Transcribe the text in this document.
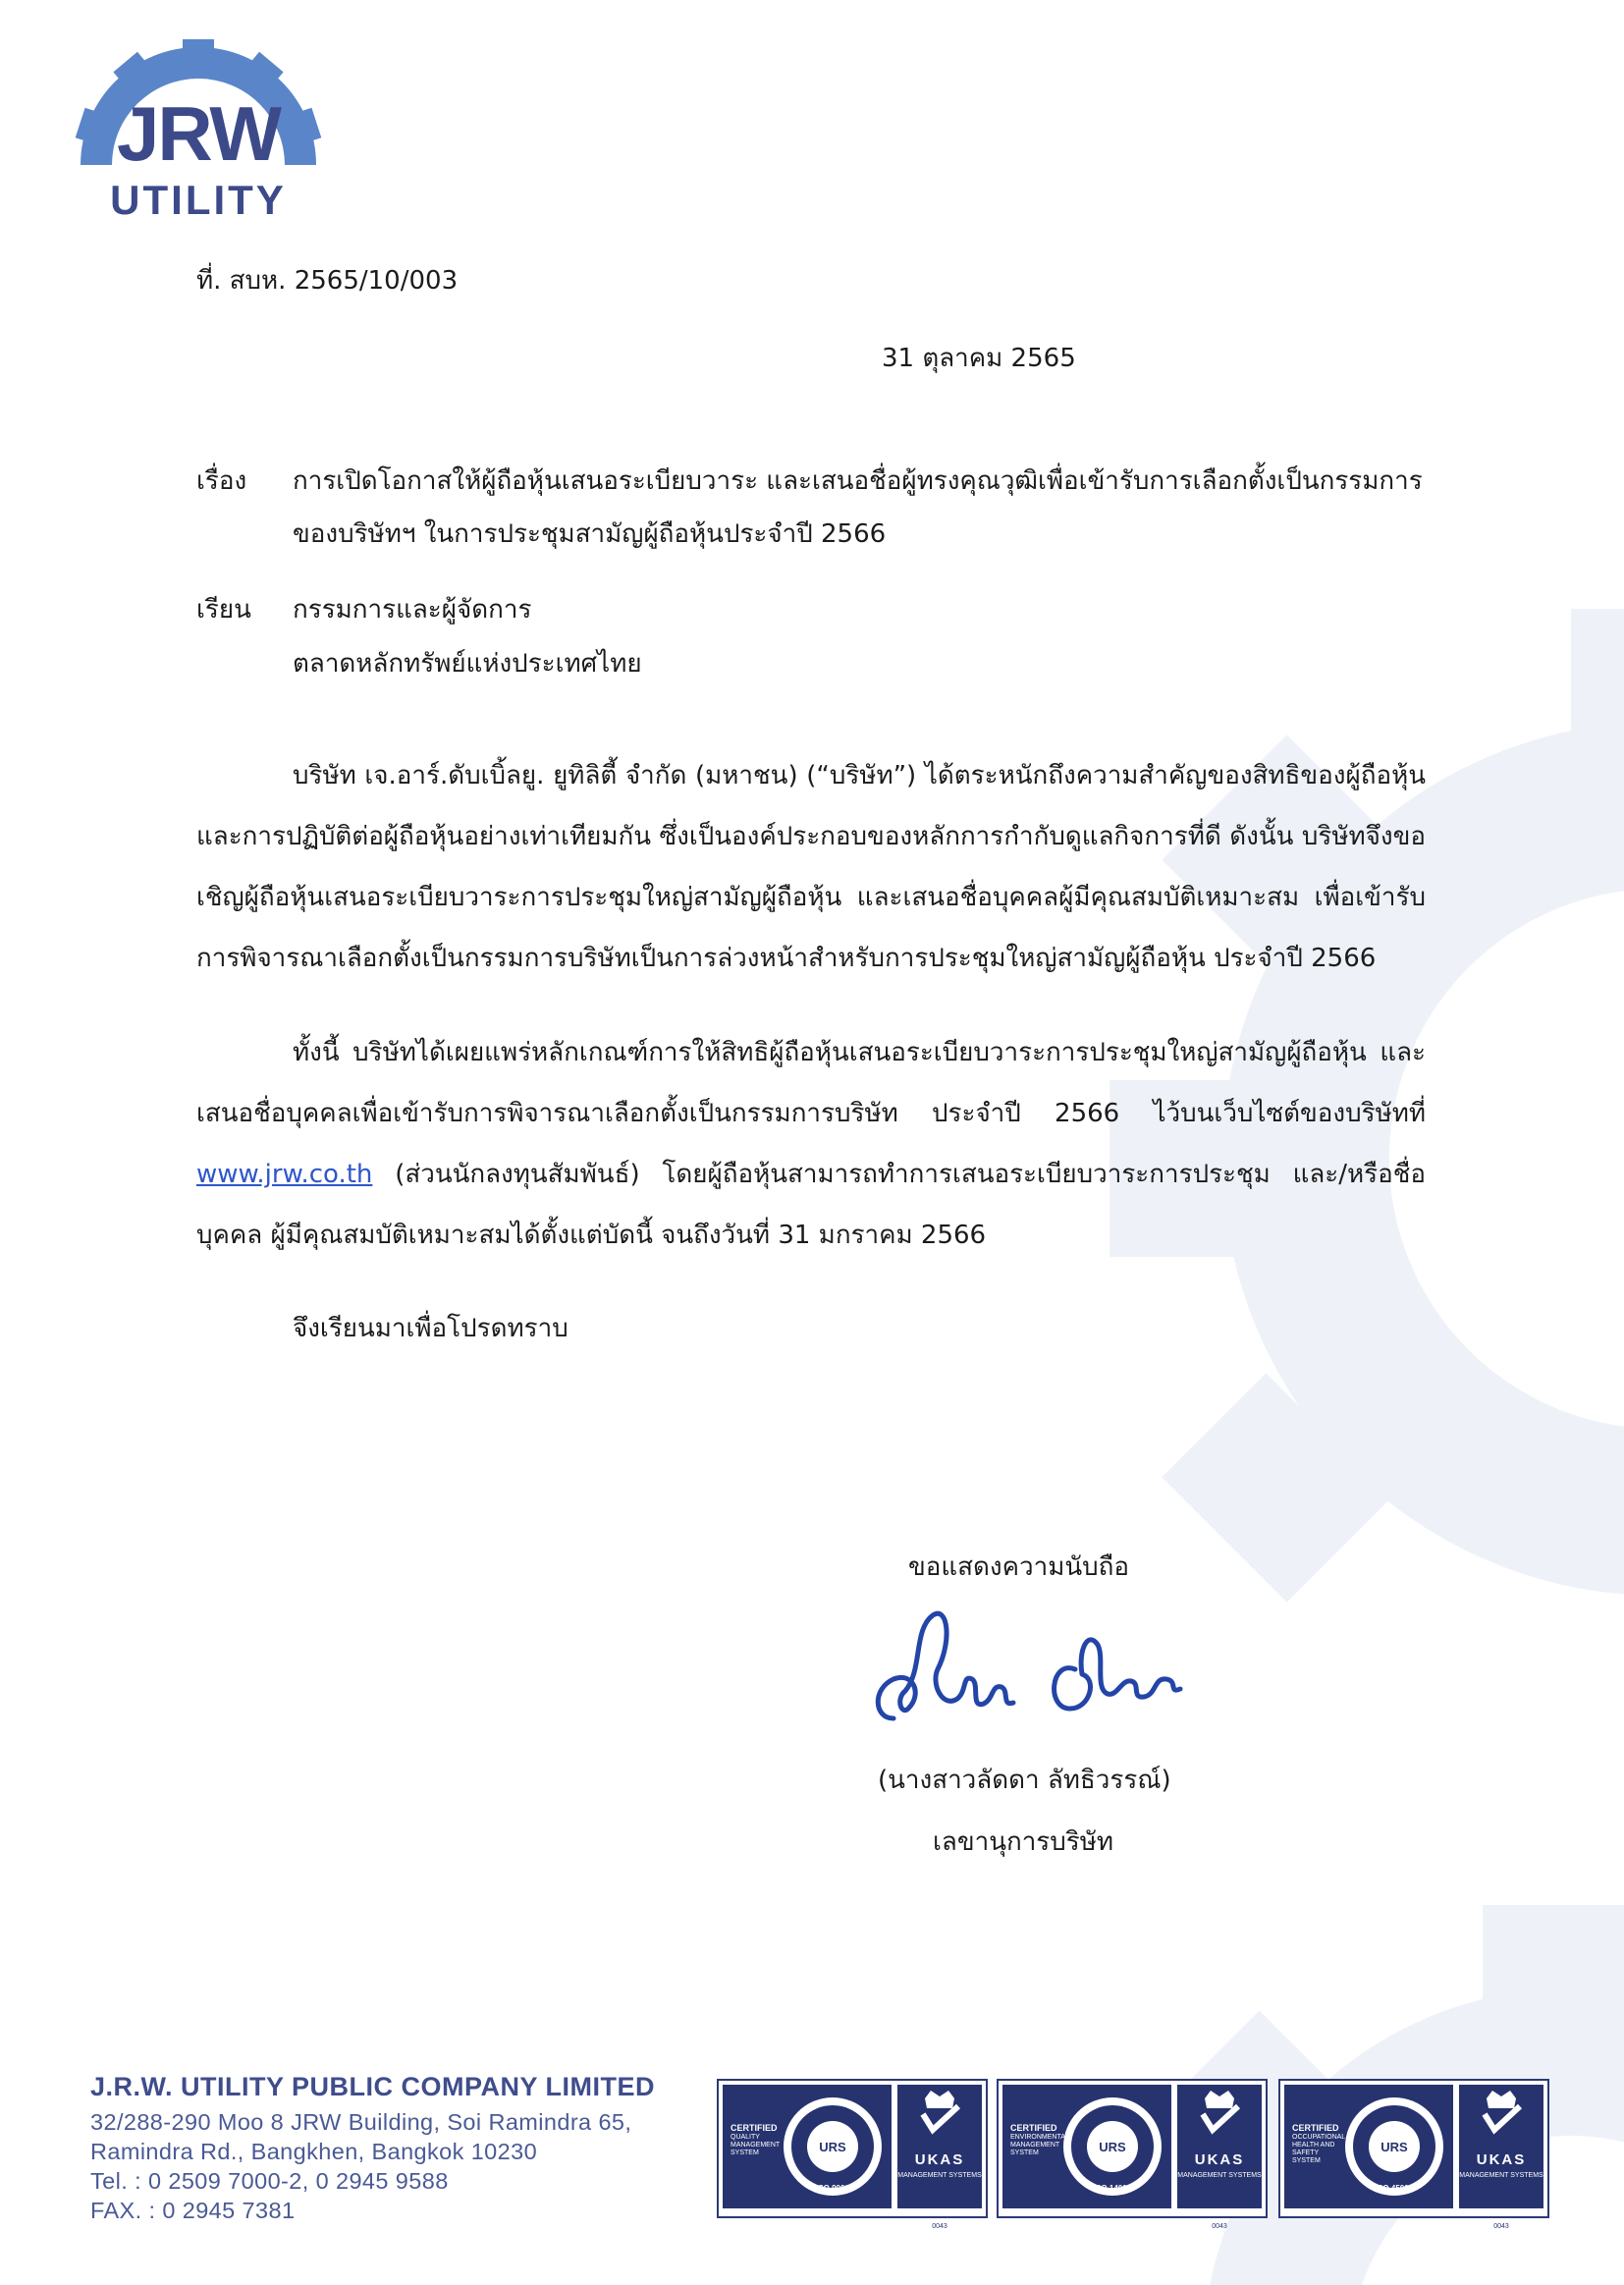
JRW
UTILITY
ที่. สบห. 2565/10/003
31 ตุลาคม 2565
เรื่อง การเปิดโอกาสให้ผู้ถือหุ้นเสนอระเบียบวาระ และเสนอชื่อผู้ทรงคุณวุฒิเพื่อเข้ารับการเลือกตั้งเป็นกรรมการ
ของบริษัทฯ ในการประชุมสามัญผู้ถือหุ้นประจำปี 2566
เรียน กรรมการและผู้จัดการ
ตลาดหลักทรัพย์แห่งประเทศไทย
บริษัท เจ.อาร์.ดับเบิ้ลยู. ยูทิลิตี้ จำกัด (มหาชน) (“บริษัท”) ได้ตระหนักถึงความสำคัญของสิทธิของผู้ถือหุ้น
และการปฏิบัติต่อผู้ถือหุ้นอย่างเท่าเทียมกัน ซึ่งเป็นองค์ประกอบของหลักการกำกับดูแลกิจการที่ดี ดังนั้น บริษัทจึงขอ
เชิญผู้ถือหุ้นเสนอระเบียบวาระการประชุมใหญ่สามัญผู้ถือหุ้น และเสนอชื่อบุคคลผู้มีคุณสมบัติเหมาะสม เพื่อเข้ารับ
การพิจารณาเลือกตั้งเป็นกรรมการบริษัทเป็นการล่วงหน้าสำหรับการประชุมใหญ่สามัญผู้ถือหุ้น ประจำปี 2566
ทั้งนี้ บริษัทได้เผยแพร่หลักเกณฑ์การให้สิทธิผู้ถือหุ้นเสนอระเบียบวาระการประชุมใหญ่สามัญผู้ถือหุ้น และ
เสนอชื่อบุคคลเพื่อเข้ารับการพิจารณาเลือกตั้งเป็นกรรมการบริษัท ประจำปี 2566 ไว้บนเว็บไซต์ของบริษัทที่
www.jrw.co.th (ส่วนนักลงทุนสัมพันธ์) โดยผู้ถือหุ้นสามารถทำการเสนอระเบียบวาระการประชุม และ/หรือชื่อ
บุคคล ผู้มีคุณสมบัติเหมาะสมได้ตั้งแต่บัดนี้ จนถึงวันที่ 31 มกราคม 2566
จึงเรียนมาเพื่อโปรดทราบ
ขอแสดงความนับถือ
(นางสาวลัดดา ลัทธิวรรณ์)
เลขานุการบริษัท
J.R.W. UTILITY PUBLIC COMPANY LIMITED
32/288-290 Moo 8 JRW Building, Soi Ramindra 65,
Ramindra Rd., Bangkhen, Bangkok 10230
Tel. : 0 2509 7000-2, 0 2945 9588
FAX. : 0 2945 7381
URS
ISO 9001
CERTIFIED
QUALITY MANAGEMENT SYSTEM	UKAS
MANAGEMENT SYSTEMS
0043
URS
ISO 14001
CERTIFIED
ENVIRONMENTAL MANAGEMENT SYSTEM	UKAS
MANAGEMENT SYSTEMS
0043
URS
ISO 45001
CERTIFIED
OCCUPATIONAL HEALTH AND SAFETY SYSTEM	UKAS
MANAGEMENT SYSTEMS
0043
